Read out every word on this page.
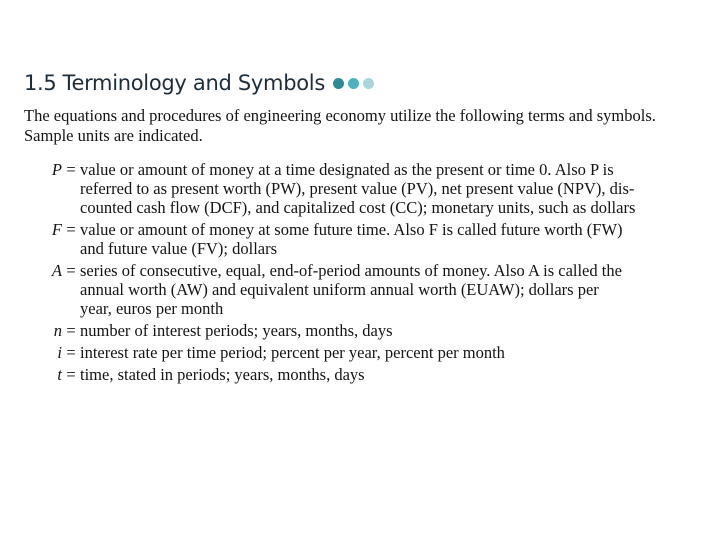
1.5 Terminology and Symbols
The equations and procedures of engineering economy utilize the following terms and symbols. Sample units are indicated.
P = value or amount of money at a time designated as the present or time 0. Also P is
referred to as present worth (PW), present value (PV), net present value (NPV), dis-
counted cash flow (DCF), and capitalized cost (CC); monetary units, such as dollars
F = value or amount of money at some future time. Also F is called future worth (FW)
and future value (FV); dollars
A = series of consecutive, equal, end-of-period amounts of money. Also A is called the
annual worth (AW) and equivalent uniform annual worth (EUAW); dollars per
year, euros per month
n = number of interest periods; years, months, days
i = interest rate per time period; percent per year, percent per month
t = time, stated in periods; years, months, days
